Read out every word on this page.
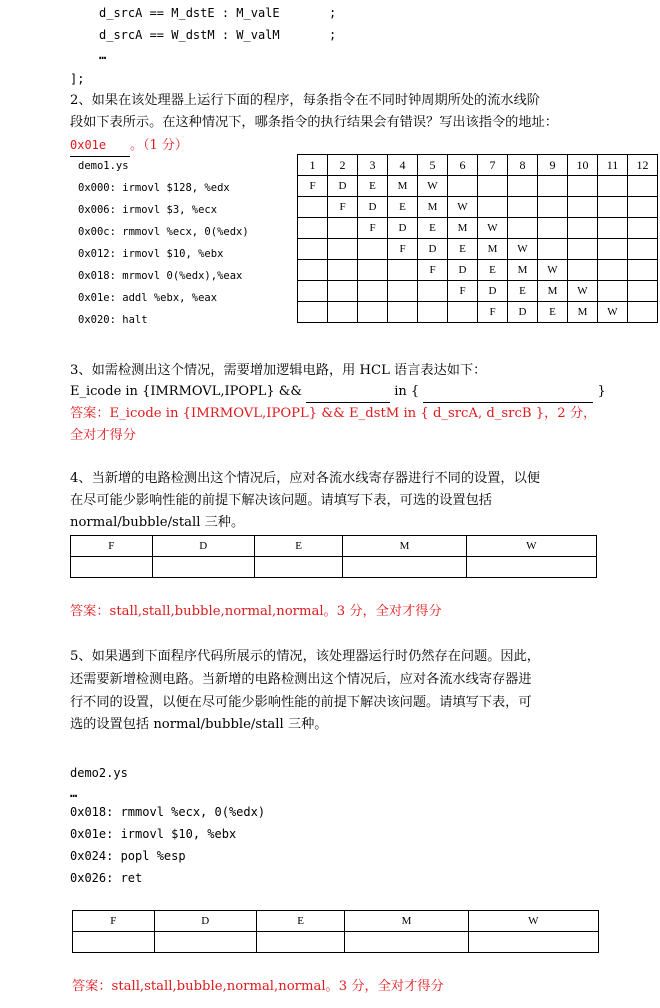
d_srcA == M_dstE : M_valE	;
d_srcA == W_dstM : W_valM	;
…
];
2、如果在该处理器上运行下面的程序，每条指令在不同时钟周期所处的流水线阶
段如下表所示。在这种情况下，哪条指令的执行结果会有错误？写出该指令的地址：
0x01e 。（1 分）
demo1.ys
0x000: irmovl $128, %edx
0x006: irmovl $3, %ecx
0x00c: rmmovl %ecx, 0(%edx)
0x012: irmovl $10, %ebx
0x018: mrmovl 0(%edx),%eax
0x01e: addl %ebx, %eax
0x020: halt
1	2	3	4	5	6	7	8	9	10	11	12
F	D	E	M	W							
	F	D	E	M	W						
		F	D	E	M	W					
			F	D	E	M	W				
				F	D	E	M	W			
					F	D	E	M	W		
						F	D	E	M	W	
3、如需检测出这个情况，需要增加逻辑电路，用 HCL 语言表达如下：
E_icode in {IMRMOVL,IPOPL} &&	in {	}
答案：E_icode in {IMRMOVL,IPOPL} && E_dstM in { d_srcA, d_srcB }，2 分，
全对才得分
4、当新增的电路检测出这个情况后，应对各流水线寄存器进行不同的设置，以便
在尽可能少影响性能的前提下解决该问题。请填写下表，可选的设置包括
normal/bubble/stall 三种。
F	D	E	M	W

答案：stall,stall,bubble,normal,normal。3 分，全对才得分
5、如果遇到下面程序代码所展示的情况，该处理器运行时仍然存在问题。因此，
还需要新增检测电路。当新增的电路检测出这个情况后，应对各流水线寄存器进
行不同的设置，以便在尽可能少影响性能的前提下解决该问题。请填写下表，可
选的设置包括 normal/bubble/stall 三种。
demo2.ys
…
0x018: rmmovl %ecx, 0(%edx)
0x01e: irmovl $10, %ebx
0x024: popl %esp
0x026: ret
F	D	E	M	W

答案：stall,stall,bubble,normal,normal。3 分，全对才得分
